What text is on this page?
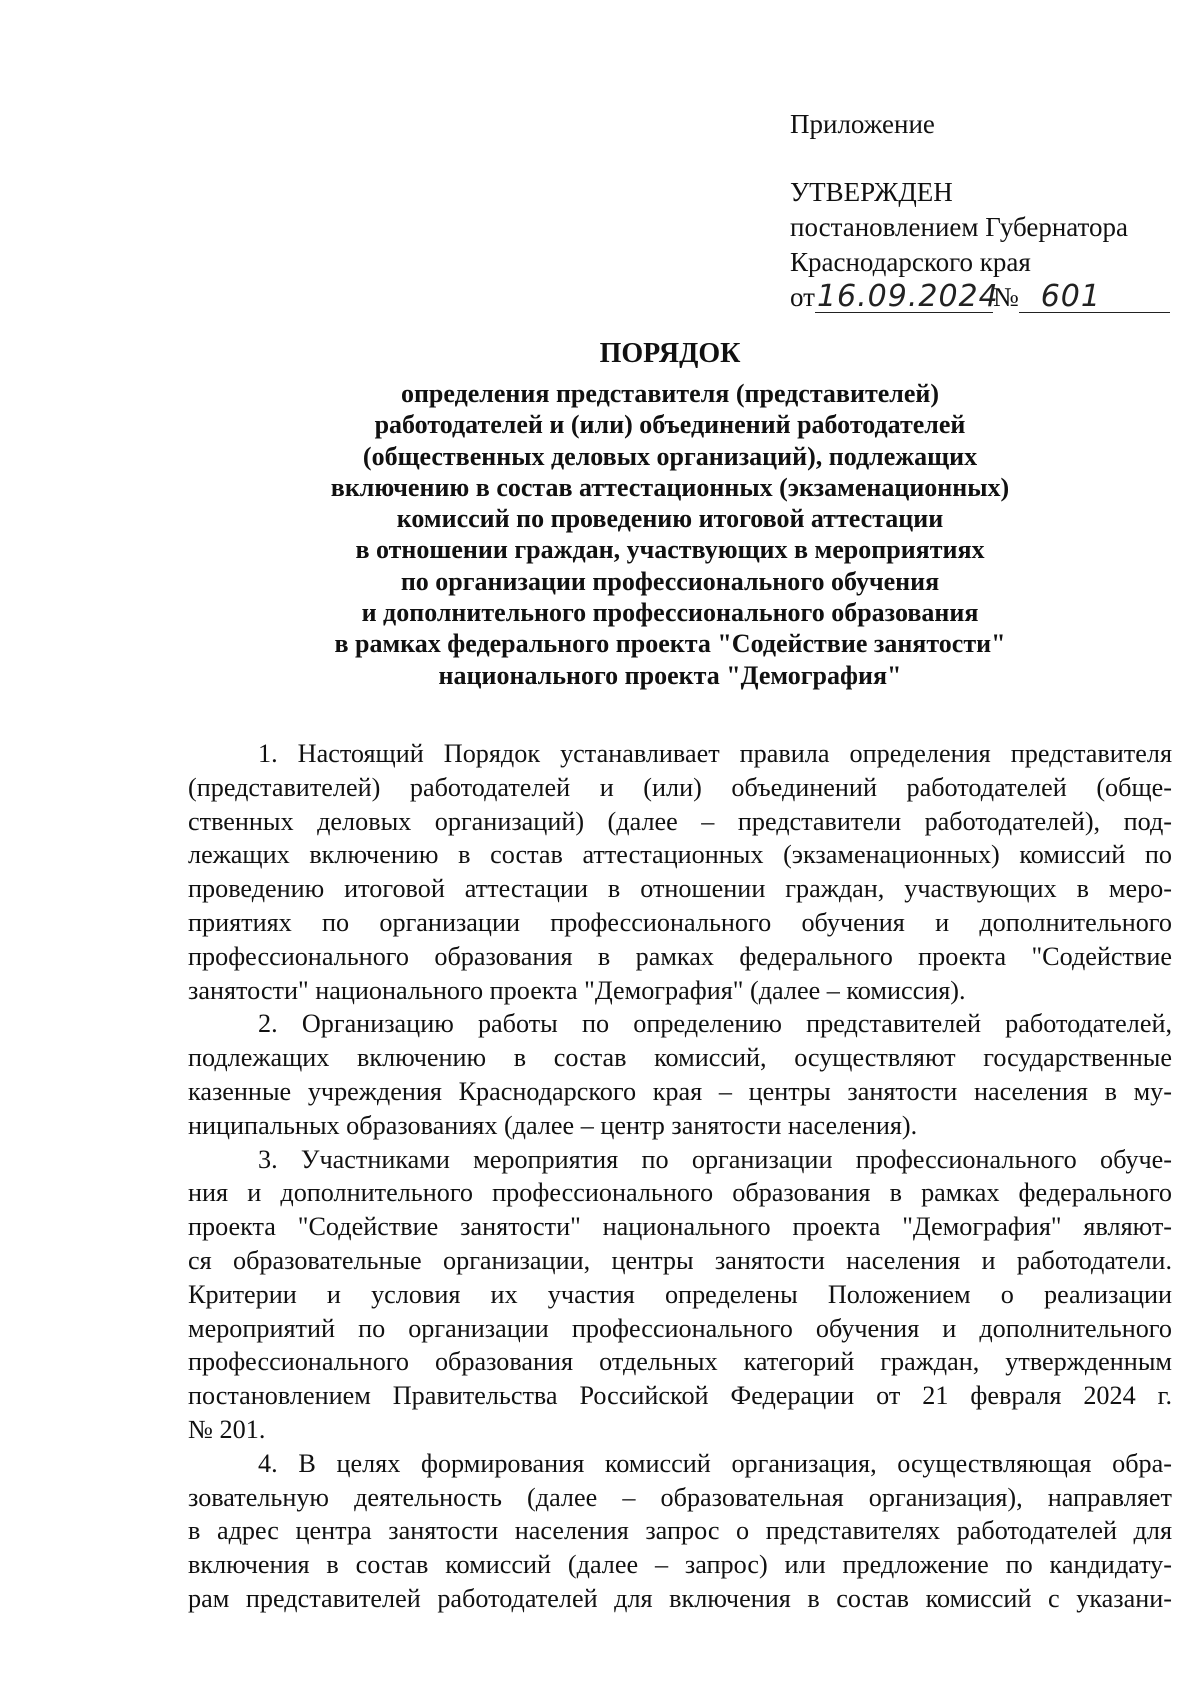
Приложение
УТВЕРЖДЕН
постановлением Губернатора
Краснодарского края
от 16.09.2024
№ 601
ПОРЯДОК
определения представителя (представителей)
работодателей и (или) объединений работодателей
(общественных деловых организаций), подлежащих
включению в состав аттестационных (экзаменационных)
комиссий по проведению итоговой аттестации
в отношении граждан, участвующих в мероприятиях
по организации профессионального обучения
и дополнительного профессионального образования
в рамках федерального проекта "Содействие занятости"
национального проекта "Демография"
1. Настоящий Порядок устанавливает правила определения представителя
(представителей) работодателей и (или) объединений работодателей (обще-
ственных деловых организаций) (далее – представители работодателей), под-
лежащих включению в состав аттестационных (экзаменационных) комиссий по
проведению итоговой аттестации в отношении граждан, участвующих в меро-
приятиях по организации профессионального обучения и дополнительного
профессионального образования в рамках федерального проекта "Содействие
занятости" национального проекта "Демография" (далее – комиссия).
2. Организацию работы по определению представителей работодателей,
подлежащих включению в состав комиссий, осуществляют государственные
казенные учреждения Краснодарского края – центры занятости населения в му-
ниципальных образованиях (далее – центр занятости населения).
3. Участниками мероприятия по организации профессионального обуче-
ния и дополнительного профессионального образования в рамках федерального
проекта "Содействие занятости" национального проекта "Демография" являют-
ся образовательные организации, центры занятости населения и работодатели.
Критерии и условия их участия определены Положением о реализации
мероприятий по организации профессионального обучения и дополнительного
профессионального образования отдельных категорий граждан, утвержденным
постановлением Правительства Российской Федерации от 21 февраля 2024 г.
№ 201.
4. В целях формирования комиссий организация, осуществляющая обра-
зовательную деятельность (далее – образовательная организация), направляет
в адрес центра занятости населения запрос о представителях работодателей для
включения в состав комиссий (далее – запрос) или предложение по кандидату-
рам представителей работодателей для включения в состав комиссий с указани-
